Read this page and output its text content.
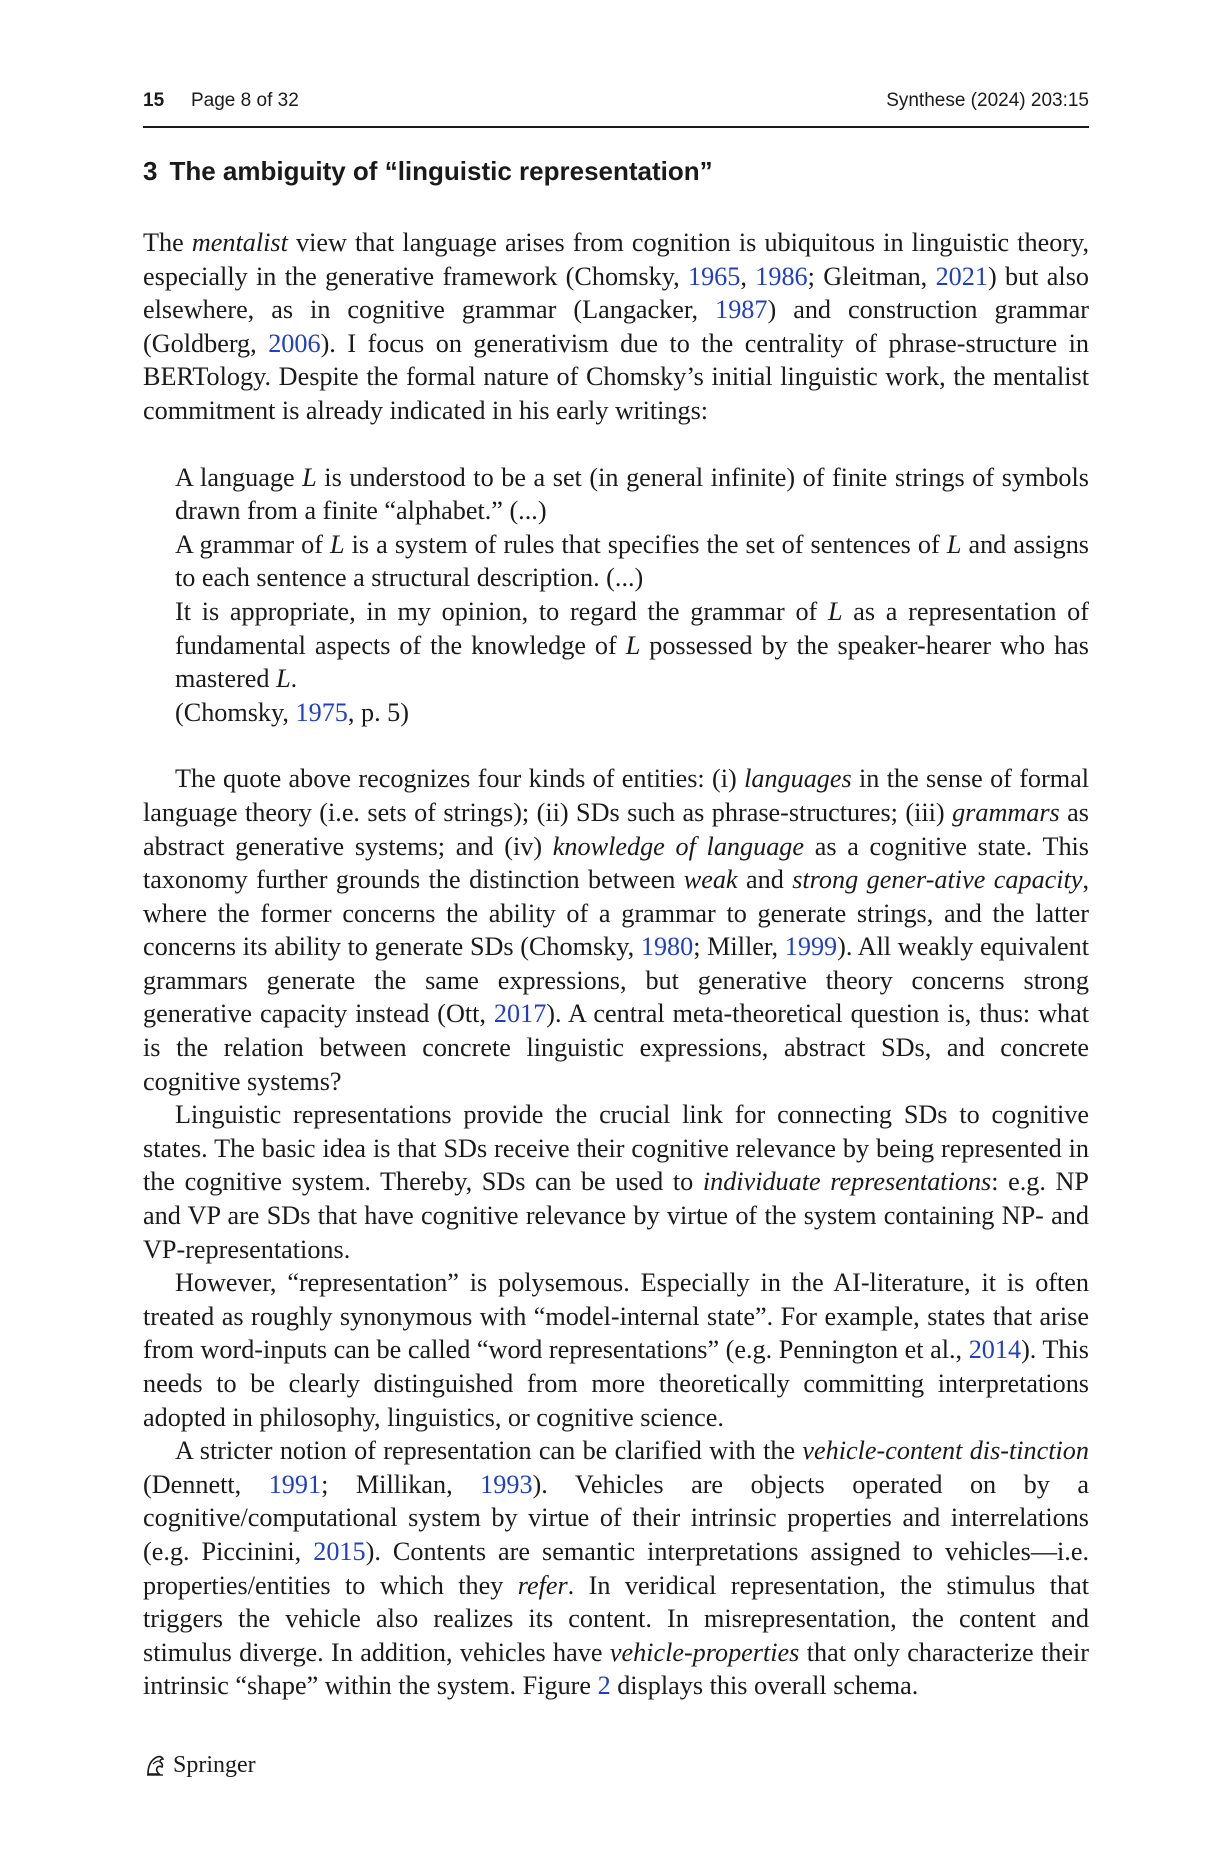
15 Page 8 of 32	Synthese (2024) 203:15
3 The ambiguity of “linguistic representation”

The mentalist view that language arises from cognition is ubiquitous in linguistic theory, especially in the generative framework (Chomsky, 1965, 1986; Gleitman, 2021) but also elsewhere, as in cognitive grammar (Langacker, 1987) and construction grammar (Goldberg, 2006). I focus on generativism due to the centrality of phrase-structure in BERTology. Despite the formal nature of Chomsky’s initial linguistic work, the mentalist commitment is already indicated in his early writings:

A language L is understood to be a set (in general infinite) of finite strings of symbols drawn from a finite “alphabet.” (...)

A grammar of L is a system of rules that specifies the set of sentences of L and assigns to each sentence a structural description. (...)

It is appropriate, in my opinion, to regard the grammar of L as a representation of fundamental aspects of the knowledge of L possessed by the speaker-hearer who has mastered L.

(Chomsky, 1975, p. 5)

The quote above recognizes four kinds of entities: (i) languages in the sense of formal language theory (i.e. sets of strings); (ii) SDs such as phrase-structures; (iii) grammars as abstract generative systems; and (iv) knowledge of language as a cognitive state. This taxonomy further grounds the distinction between weak and strong gener-ative capacity, where the former concerns the ability of a grammar to generate strings, and the latter concerns its ability to generate SDs (Chomsky, 1980; Miller, 1999). All weakly equivalent grammars generate the same expressions, but generative theory concerns strong generative capacity instead (Ott, 2017). A central meta-theoretical question is, thus: what is the relation between concrete linguistic expressions, abstract SDs, and concrete cognitive systems?

Linguistic representations provide the crucial link for connecting SDs to cognitive states. The basic idea is that SDs receive their cognitive relevance by being represented in the cognitive system. Thereby, SDs can be used to individuate representations: e.g. NP and VP are SDs that have cognitive relevance by virtue of the system containing NP- and VP-representations.

However, “representation” is polysemous. Especially in the AI-literature, it is often treated as roughly synonymous with “model-internal state”. For example, states that arise from word-inputs can be called “word representations” (e.g. Pennington et al., 2014). This needs to be clearly distinguished from more theoretically committing interpretations adopted in philosophy, linguistics, or cognitive science.

A stricter notion of representation can be clarified with the vehicle-content dis-tinction (Dennett, 1991; Millikan, 1993). Vehicles are objects operated on by a cognitive/computational system by virtue of their intrinsic properties and interrelations (e.g. Piccinini, 2015). Contents are semantic interpretations assigned to vehicles—i.e. properties/entities to which they refer. In veridical representation, the stimulus that triggers the vehicle also realizes its content. In misrepresentation, the content and stimulus diverge. In addition, vehicles have vehicle-properties that only characterize their intrinsic “shape” within the system. Figure 2 displays this overall schema.

Springer
